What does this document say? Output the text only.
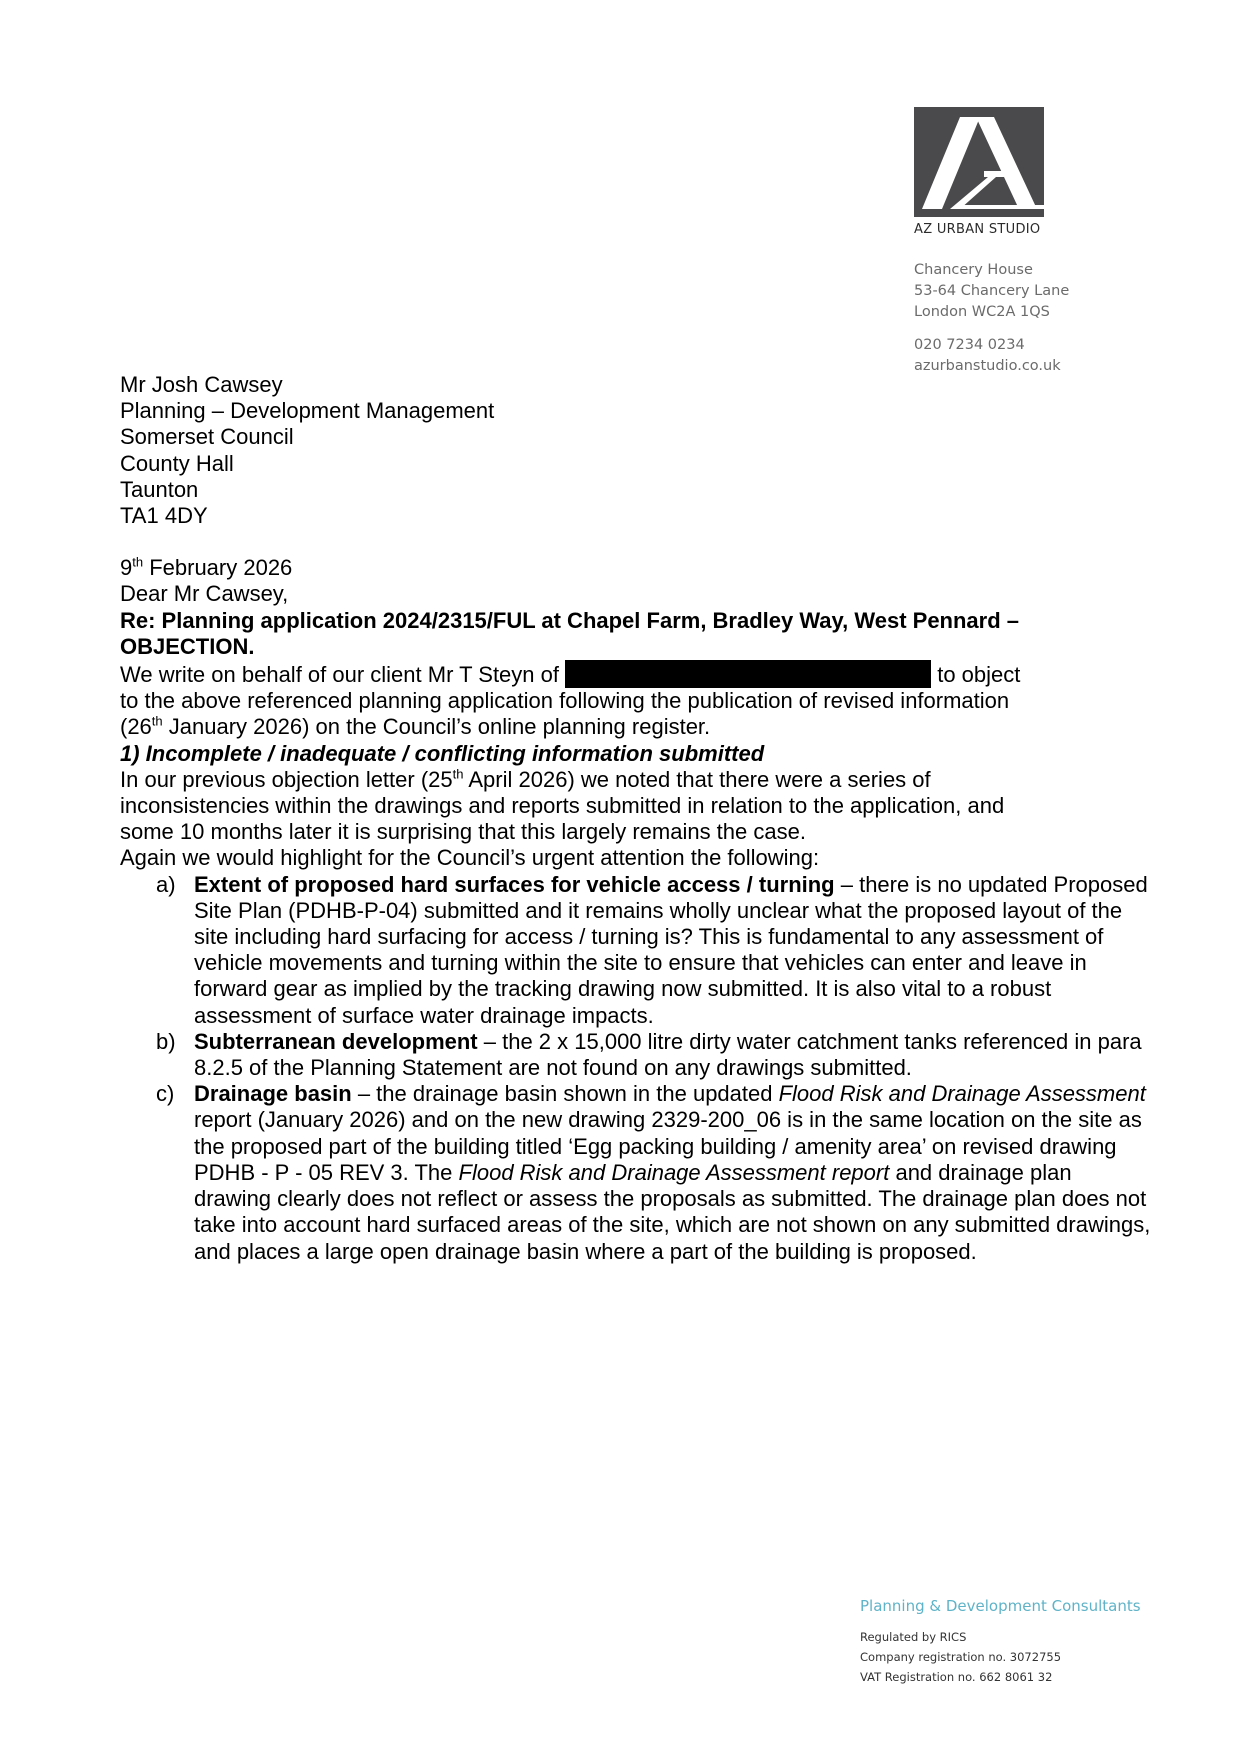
AZ URBAN STUDIO
Chancery House
53-64 Chancery Lane
London WC2A 1QS
020 7234 0234
azurbanstudio.co.uk

Mr Josh Cawsey

Planning – Development Management

Somerset Council

County Hall

Taunton

TA1 4DY

9th February 2026

Dear Mr Cawsey,

Re: Planning application 2024/2315/FUL at Chapel Farm, Bradley Way, West Pennard – OBJECTION.

We write on behalf of our client Mr T Steyn of	to object to the above referenced planning application following the publication of revised information (26th January 2026) on the Council’s online planning register.

1) Incomplete / inadequate / conflicting information submitted

In our previous objection letter (25th April 2026) we noted that there were a series of inconsistencies within the drawings and reports submitted in relation to the application, and some 10 months later it is surprising that this largely remains the case.

Again we would highlight for the Council’s urgent attention the following:

a) Extent of proposed hard surfaces for vehicle access / turning – there is no updated Proposed Site Plan (PDHB-P-04) submitted and it remains wholly unclear what the proposed layout of the site including hard surfacing for access / turning is? This is fundamental to any assessment of vehicle movements and turning within the site to ensure that vehicles can enter and leave in forward gear as implied by the tracking drawing now submitted. It is also vital to a robust assessment of surface water drainage impacts.
b) Subterranean development – the 2 x 15,000 litre dirty water catchment tanks referenced in para 8.2.5 of the Planning Statement are not found on any drawings submitted.
c) Drainage basin – the drainage basin shown in the updated Flood Risk and Drainage Assessment report (January 2026) and on the new drawing 2329-200_06 is in the same location on the site as the proposed part of the building titled ‘Egg packing building / amenity area’ on revised drawing PDHB - P - 05 REV 3. The Flood Risk and Drainage Assessment report and drainage plan drawing clearly does not reflect or assess the proposals as submitted. The drainage plan does not take into account hard surfaced areas of the site, which are not shown on any submitted drawings, and places a large open drainage basin where a part of the building is proposed.
Planning & Development Consultants
Regulated by RICS
Company registration no. 3072755
VAT Registration no. 662 8061 32
